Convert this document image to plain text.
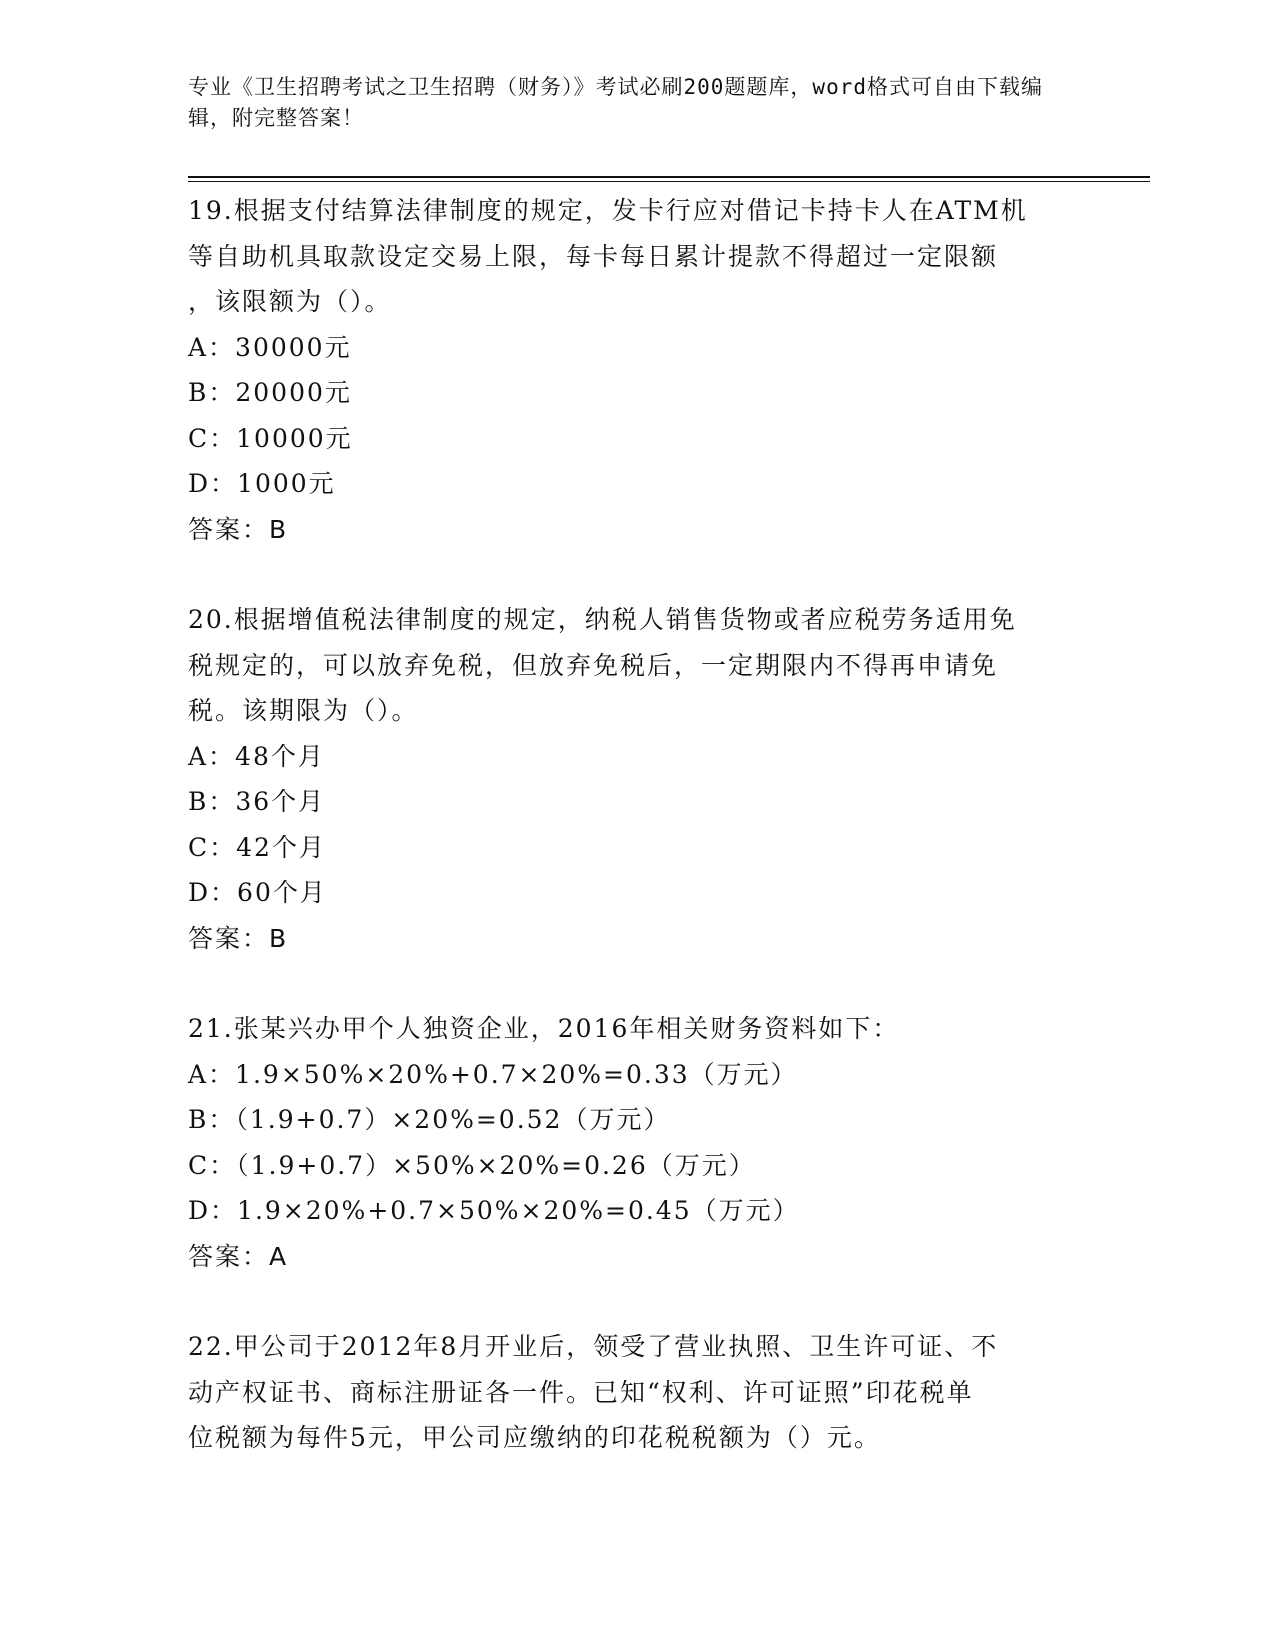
专业《卫生招聘考试之卫生招聘（财务）》考试必刷200题题库，word格式可自由下载编辑，附完整答案！
19.根据支付结算法律制度的规定，发卡行应对借记卡持卡人在ATM机
等自助机具取款设定交易上限，每卡每日累计提款不得超过一定限额
，该限额为（）。
A：30000元
B：20000元
C：10000元
D：1000元
答案：B
20.根据增值税法律制度的规定，纳税人销售货物或者应税劳务适用免
税规定的，可以放弃免税，但放弃免税后，一定期限内不得再申请免
税。该期限为（）。
A：48个月
B：36个月
C：42个月
D：60个月
答案：B
21.张某兴办甲个人独资企业，2016年相关财务资料如下：
A：1.9×50%×20%+0.7×20%=0.33（万元）
B：（1.9+0.7）×20%=0.52（万元）
C：（1.9+0.7）×50%×20%=0.26（万元）
D：1.9×20%+0.7×50%×20%=0.45（万元）
答案：A
22.甲公司于2012年8月开业后，领受了营业执照、卫生许可证、不
动产权证书、商标注册证各一件。已知“权利、许可证照”印花税单
位税额为每件5元，甲公司应缴纳的印花税税额为（）元。
